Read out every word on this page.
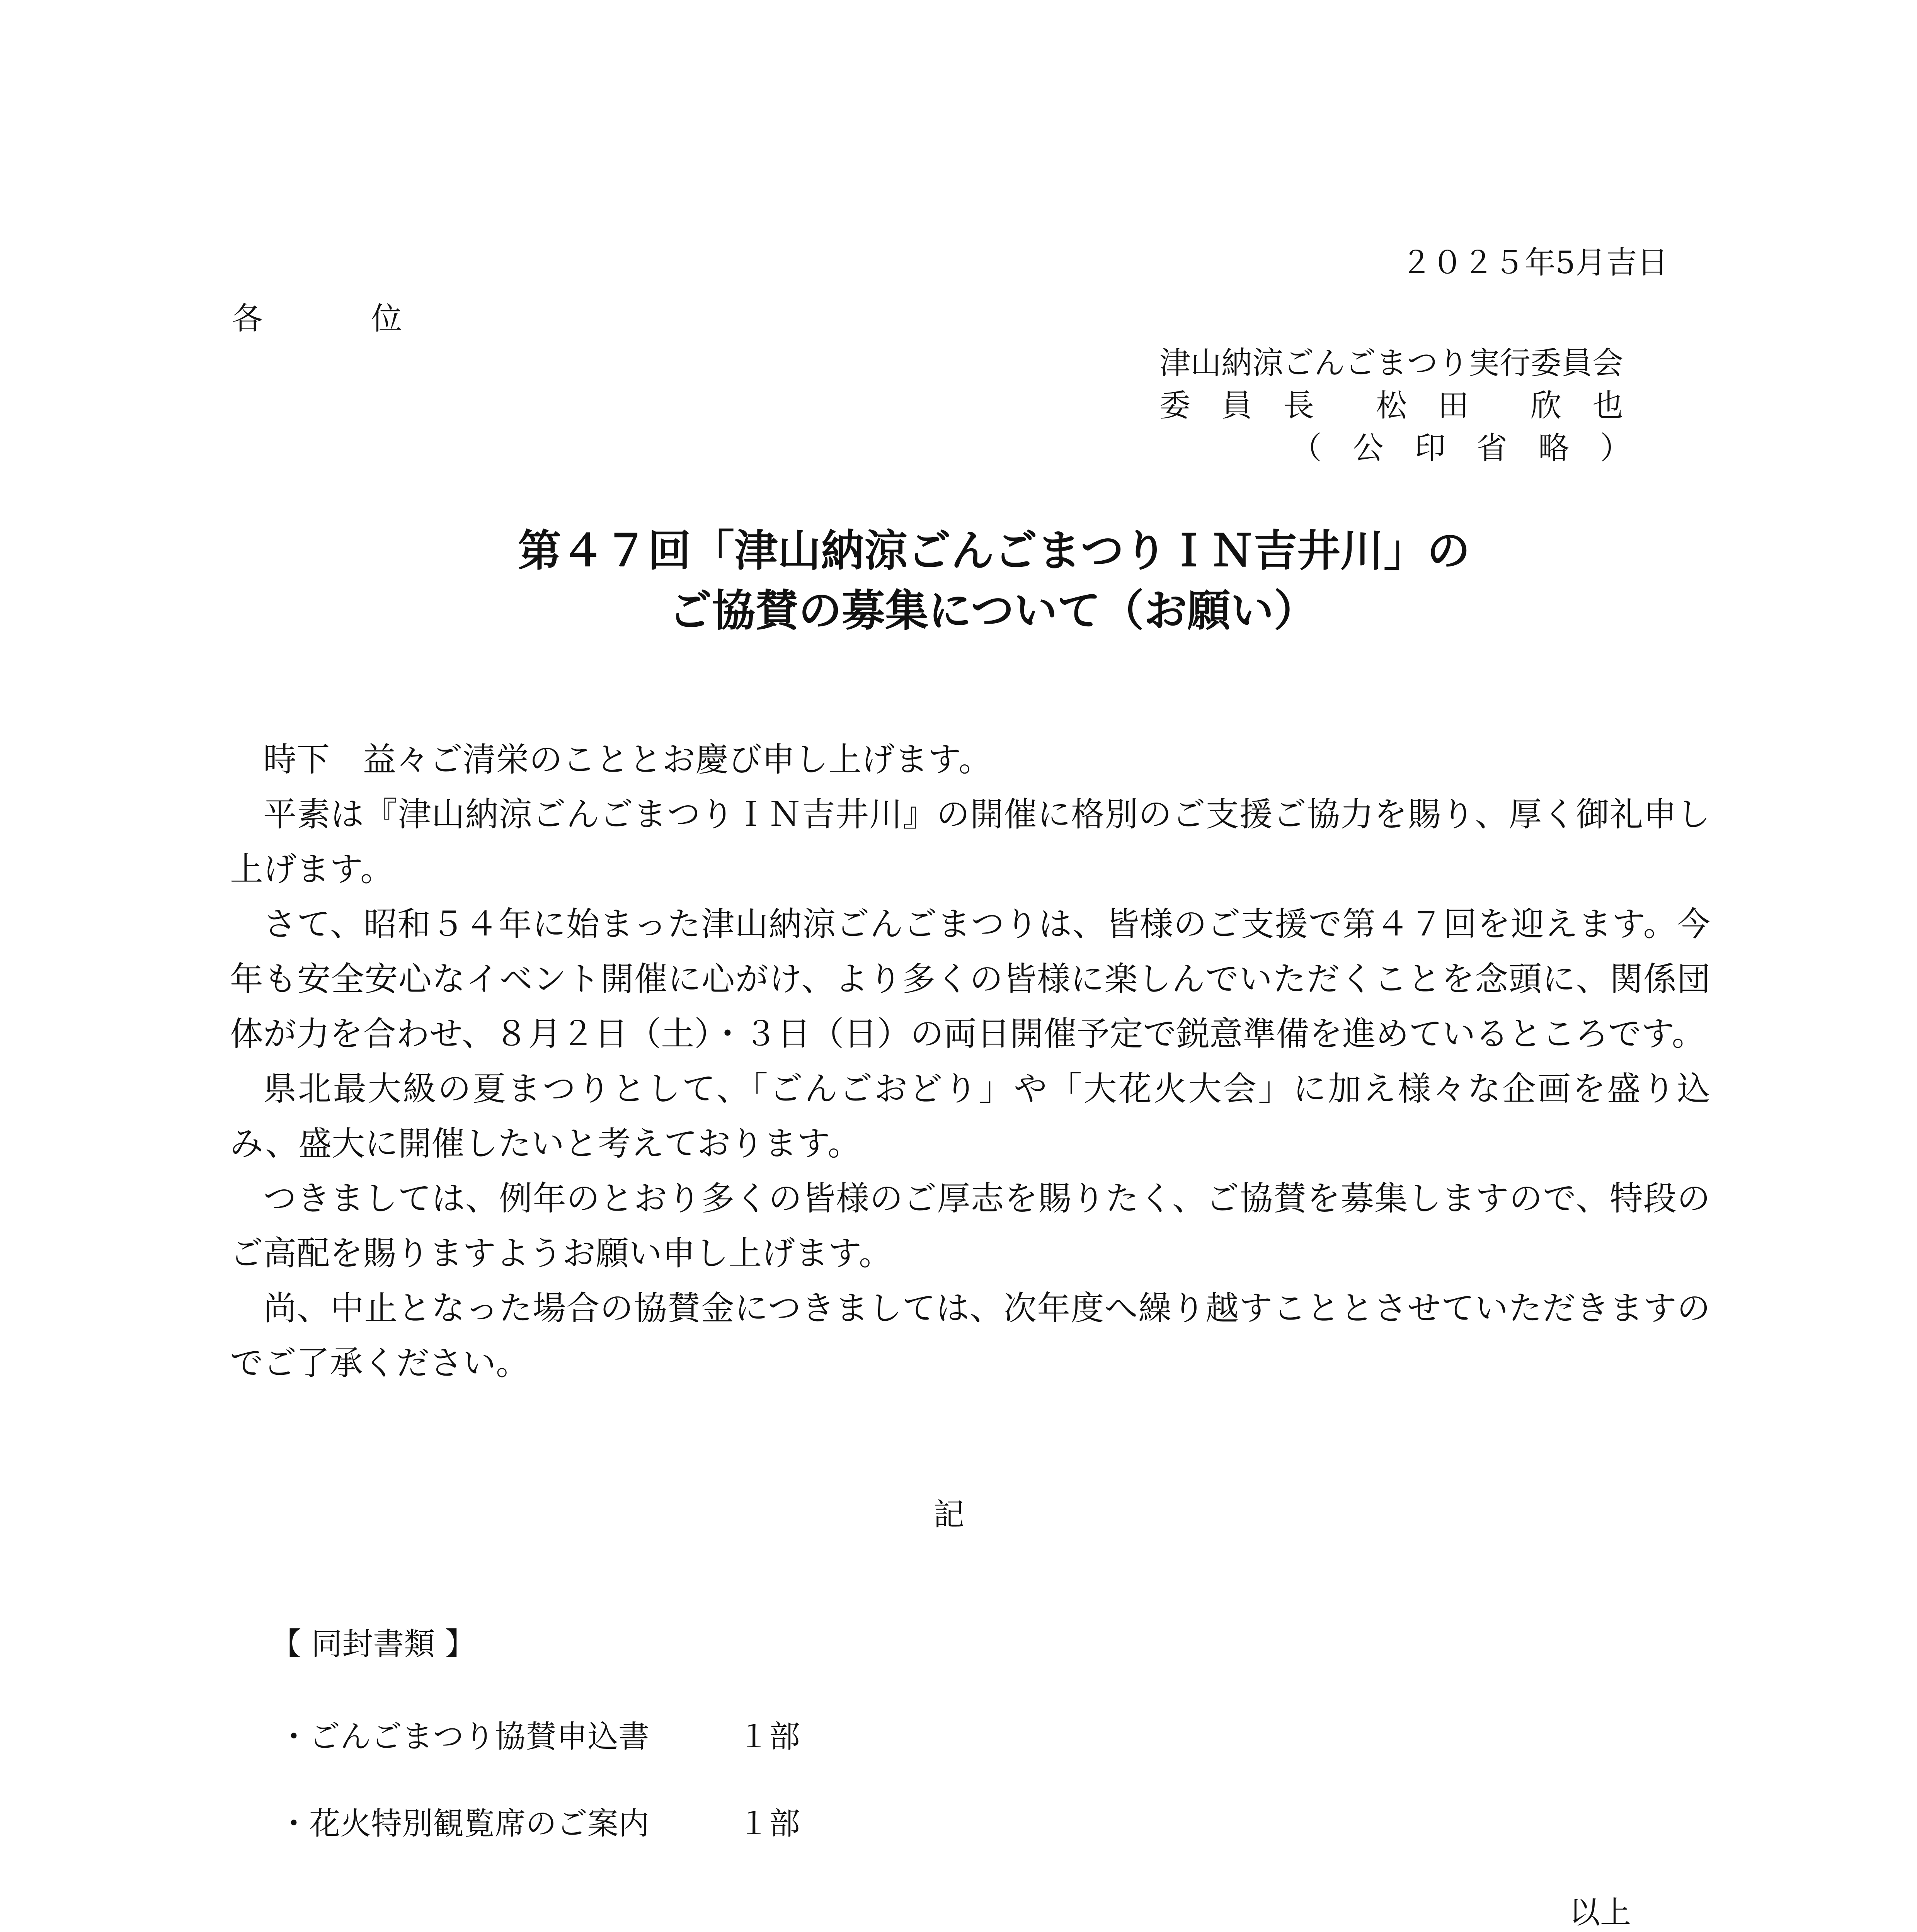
２０２５年5月吉日
各　　位
津山納涼ごんごまつり実行委員会
委　員　長　　松　田　　欣　也
（　公　印　省　略　）
第４７回「津山納涼ごんごまつりＩＮ吉井川」の
ご協賛の募集について（お願い）
時下　益々ご清栄のこととお慶び申し上げます。
平素は『津山納涼ごんごまつりＩＮ吉井川』の開催に格別のご支援ご協力を賜り、厚く御礼申し上げます。
さて、昭和５４年に始まった津山納涼ごんごまつりは、皆様のご支援で第４７回を迎えます。今年も安全安心なイベント開催に心がけ、より多くの皆様に楽しんでいただくことを念頭に、関係団体が力を合わせ、８月２日（土）・３日（日）の両日開催予定で鋭意準備を進めているところです。
県北最大級の夏まつりとして、「ごんごおどり」や「大花火大会」に加え様々な企画を盛り込み、盛大に開催したいと考えております。
つきましては、例年のとおり多くの皆様のご厚志を賜りたく、ご協賛を募集しますので、特段のご高配を賜りますようお願い申し上げます。
尚、中止となった場合の協賛金につきましては、次年度へ繰り越すこととさせていただきますのでご了承ください。
記
【 同封書類 】
・ごんごまつり協賛申込書	１部
・花火特別観覧席のご案内	１部
以上
